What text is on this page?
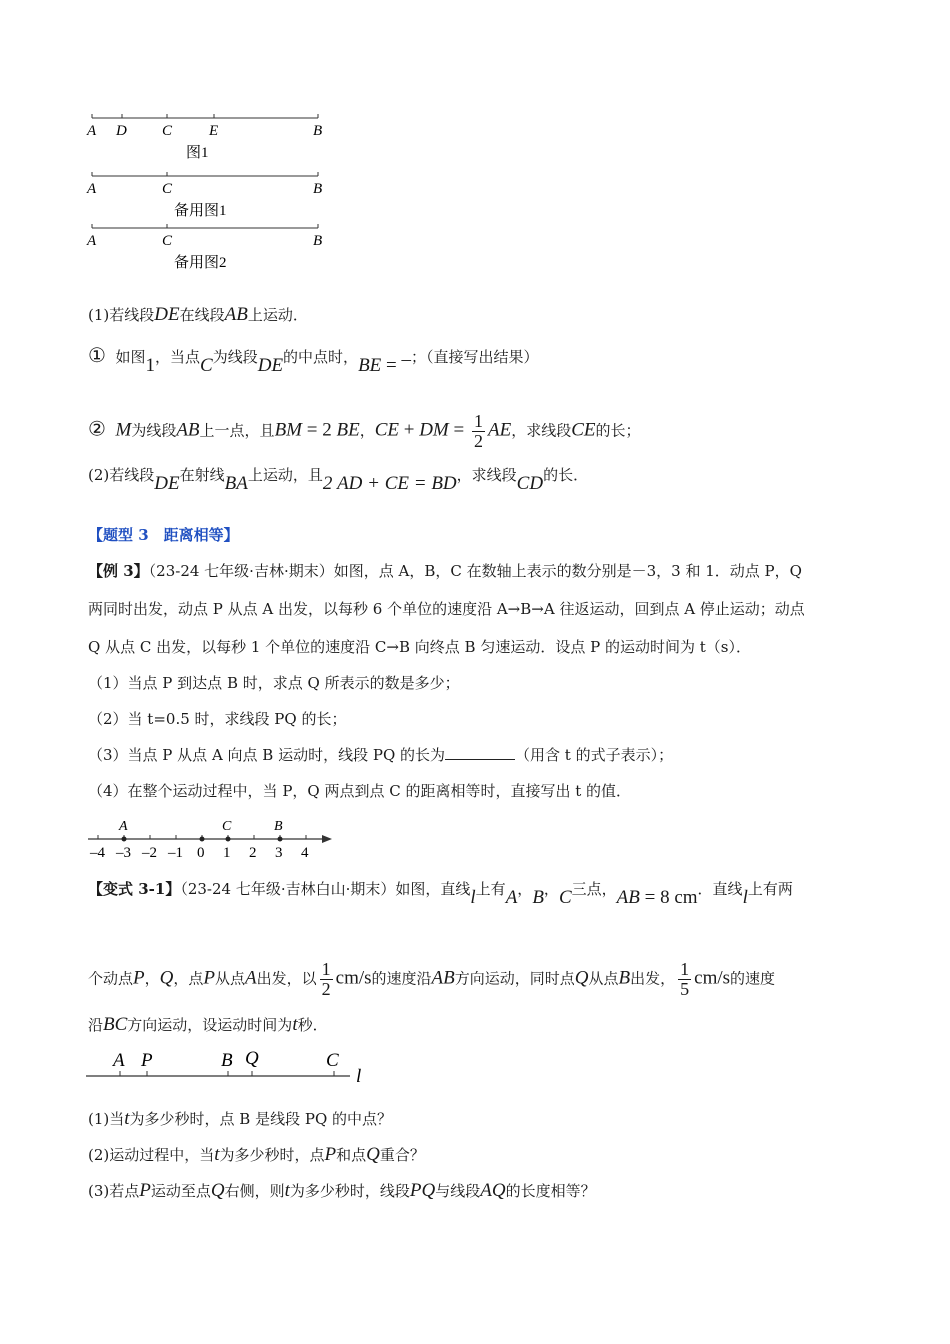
A D C E	B
图1
A	C	B
备用图1
A	C	B
备用图2
(1)若线段DE在线段AB上运动．
① 如图1，当点C为线段DE的中点时，BE = –；（直接写出结果）
② M为线段AB上一点，且BM = 2 BE，CE + DM = $\frac{1}{2}$ AE，求线段CE的长；
(2)若线段DE在射线BA上运动，且2 AD + CE = BD，求线段CD的长．
【题型 3　距离相等】
【例 3】（23-24 七年级·吉林·期末）如图，点 A，B，C 在数轴上表示的数分别是－3，3 和 1．动点 P，Q
两同时出发，动点 P 从点 A 出发，以每秒 6 个单位的速度沿 A→B→A 往返运动，回到点 A 停止运动；动点
Q 从点 C 出发，以每秒 1 个单位的速度沿 C→B 向终点 B 匀速运动．设点 P 的运动时间为 t（s）．
（1）当点 P 到达点 B 时，求点 Q 所表示的数是多少；
（2）当 t=0.5 时，求线段 PQ 的长；
（3）当点 P 从点 A 向点 B 运动时，线段 PQ 的长为	（用含 t 的式子表示）；
（4）在整个运动过程中，当 P，Q 两点到点 C 的距离相等时，直接写出 t 的值．
A	C	B
–4 –3 –2 –1 0 1 2 3 4
【变式 3-1】（23-24 七年级·吉林白山·期末）如图，直线l上有A，B，C三点，AB = 8 cm．直线l上有两
个动点P，Q，点P从点A出发，以 $\frac{1}{2} cm/s$的速度沿AB方向运动，同时点Q从点B出发， $\frac{1}{5} cm/s$的速度
沿BC方向运动，设运动时间为t秒．
A P	B Q	C
l
(1)当t为多少秒时，点 B 是线段 PQ 的中点？
(2)运动过程中，当t为多少秒时，点P和点Q重合？
(3)若点P运动至点Q右侧，则t为多少秒时，线段PQ与线段AQ的长度相等？
